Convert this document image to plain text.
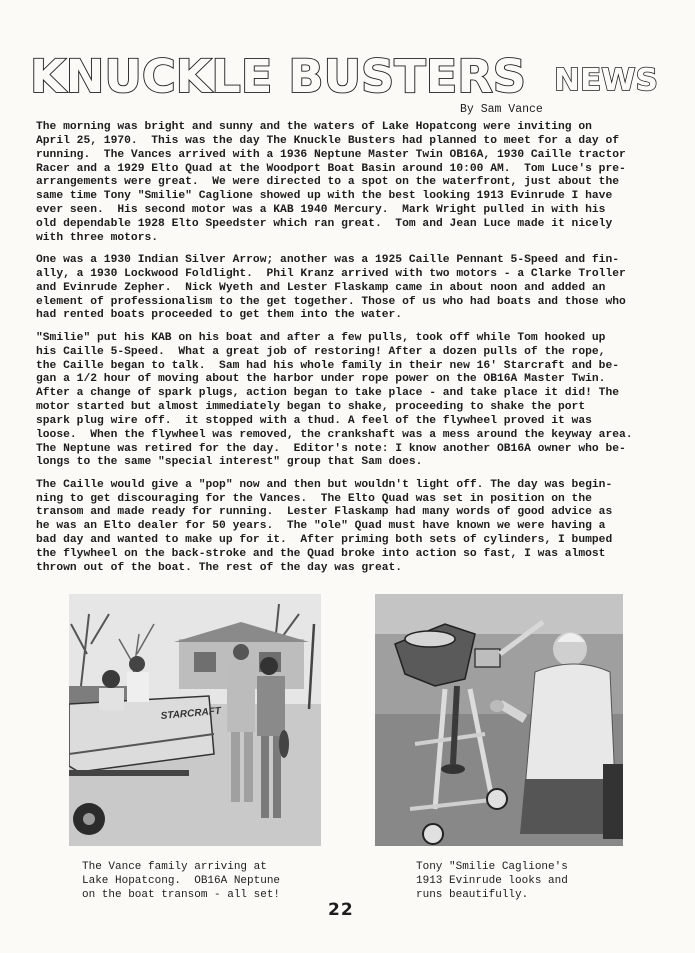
KNUCKLE BUSTERS NEWS
By Sam Vance

The morning was bright and sunny and the waters of Lake Hopatcong were inviting on
April 25, 1970.  This was the day The Knuckle Busters had planned to meet for a day of
running.  The Vances arrived with a 1936 Neptune Master Twin OB16A, 1930 Caille tractor
Racer and a 1929 Elto Quad at the Woodport Boat Basin around 10:00 AM.  Tom Luce's pre-
arrangements were great.  We were directed to a spot on the waterfront, just about the
same time Tony "Smilie" Caglione showed up with the best looking 1913 Evinrude I have
ever seen.  His second motor was a KAB 1940 Mercury.  Mark Wright pulled in with his
old dependable 1928 Elto Speedster which ran great.  Tom and Jean Luce made it nicely
with three motors.

One was a 1930 Indian Silver Arrow; another was a 1925 Caille Pennant 5-Speed and fin-
ally, a 1930 Lockwood Foldlight.  Phil Kranz arrived with two motors - a Clarke Troller
and Evinrude Zepher.  Nick Wyeth and Lester Flaskamp came in about noon and added an
element of professionalism to the get together. Those of us who had boats and those who
had rented boats proceeded to get them into the water.

"Smilie" put his KAB on his boat and after a few pulls, took off while Tom hooked up
his Caille 5-Speed.  What a great job of restoring! After a dozen pulls of the rope,
the Caille began to talk.  Sam had his whole family in their new 16' Starcraft and be-
gan a 1/2 hour of moving about the harbor under rope power on the OB16A Master Twin.
After a change of spark plugs, action began to take place - and take place it did! The
motor started but almost immediately began to shake, proceeding to shake the port
spark plug wire off.  it stopped with a thud. A feel of the flywheel proved it was
loose.  When the flywheel was removed, the crankshaft was a mess around the keyway area.
The Neptune was retired for the day.  Editor's note: I know another OB16A owner who be-
longs to the same "special interest" group that Sam does.

The Caille would give a "pop" now and then but wouldn't light off. The day was begin-
ning to get discouraging for the Vances.  The Elto Quad was set in position on the
transom and made ready for running.  Lester Flaskamp had many words of good advice as
he was an Elto dealer for 50 years.  The "ole" Quad must have known we were having a
bad day and wanted to make up for it.  After priming both sets of cylinders, I bumped
the flywheel on the back-stroke and the Quad broke into action so fast, I was almost
thrown out of the boat. The rest of the day was great.

STARCRAFT
The Vance family arriving at
Lake Hopatcong.  OB16A Neptune
on the boat transom - all set!
Tony "Smilie Caglione's
1913 Evinrude looks and
runs beautifully.
22
